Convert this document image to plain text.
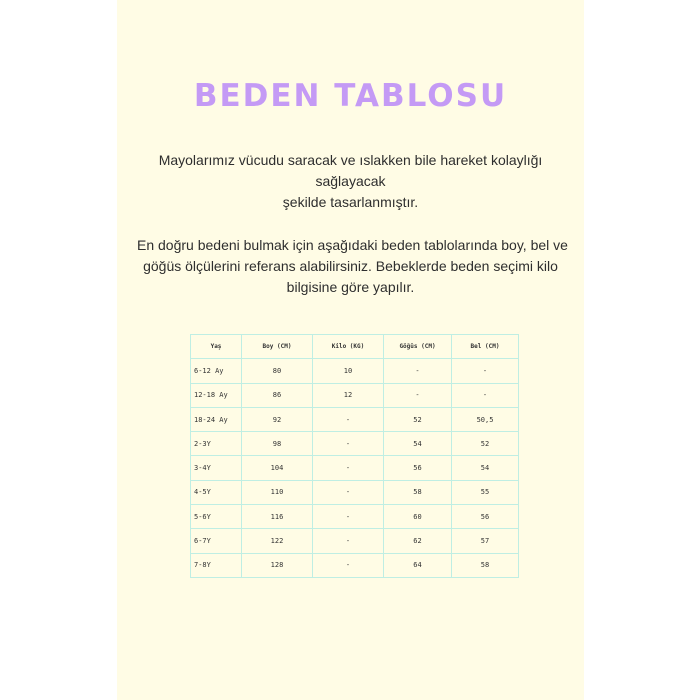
BEDEN TABLOSU

Mayolarımız vücudu saracak ve ıslakken bile hareket kolaylığı
sağlayacak
şekilde tasarlanmıştır.

En doğru bedeni bulmak için aşağıdaki beden tablolarında boy, bel ve
göğüs ölçülerini referans alabilirsiniz. Bebeklerde beden seçimi kilo
bilgisine göre yapılır.

Yaş	Boy (CM)	Kilo (KG)	Göğüs (CM)	Bel (CM)
6-12 Ay	80	10	-	-
12-18 Ay	86	12	-	-
18-24 Ay	92	-	52	50,5
2-3Y	98	-	54	52
3-4Y	104	-	56	54
4-5Y	110	-	58	55
5-6Y	116	-	60	56
6-7Y	122	-	62	57
7-8Y	128	-	64	58
